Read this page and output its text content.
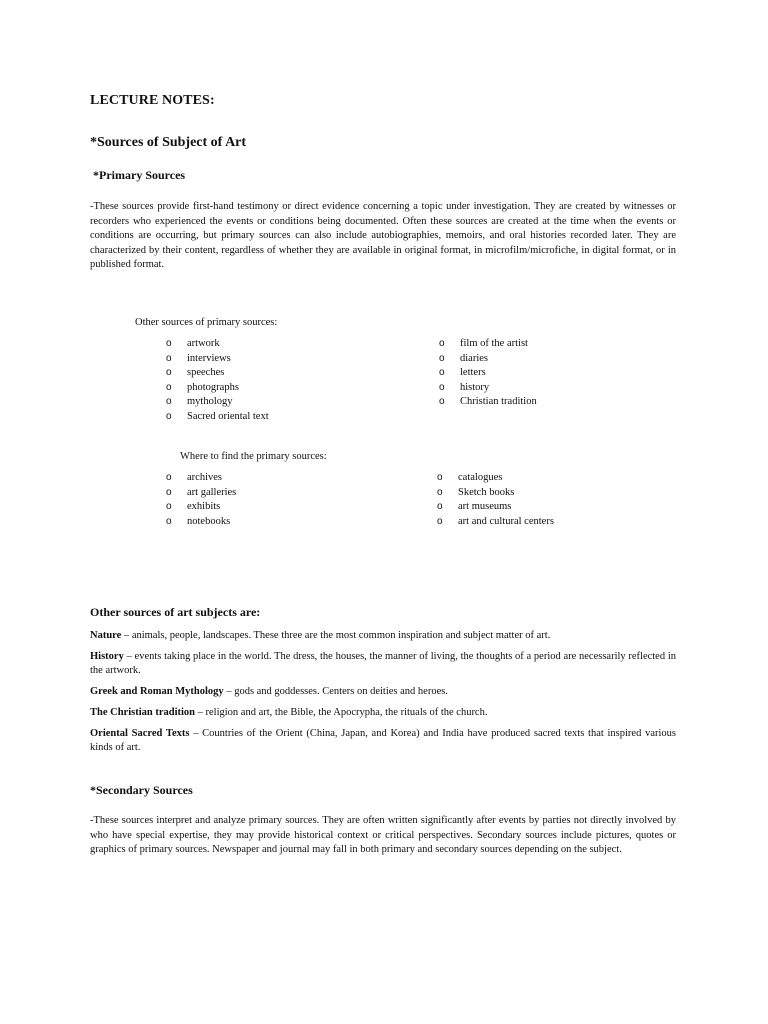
LECTURE NOTES:
*Sources of Subject of Art
*Primary Sources
-These sources provide first-hand testimony or direct evidence concerning a topic under investigation. They are created by witnesses or recorders who experienced the events or conditions being documented. Often these sources are created at the time when the events or conditions are occurring, but primary sources can also include autobiographies, memoirs, and oral histories recorded later. They are characterized by their content, regardless of whether they are available in original format, in microfilm/microfiche, in digital format, or in published format.
Other sources of primary sources:
o artwork
o interviews
o speeches
o photographs
o mythology
o Sacred oriental text
o film of the artist
o diaries
o letters
o history
o Christian tradition
Where to find the primary sources:
o archives
o art galleries
o exhibits
o notebooks
o catalogues
o Sketch books
o art museums
o art and cultural centers
Other sources of art subjects are:
Nature – animals, people, landscapes. These three are the most common inspiration and subject matter of art.
History – events taking place in the world. The dress, the houses, the manner of living, the thoughts of a period are necessarily reflected in the artwork.
Greek and Roman Mythology – gods and goddesses. Centers on deities and heroes.
The Christian tradition – religion and art, the Bible, the Apocrypha, the rituals of the church.
Oriental Sacred Texts – Countries of the Orient (China, Japan, and Korea) and India have produced sacred texts that inspired various kinds of art.
*Secondary Sources
-These sources interpret and analyze primary sources. They are often written significantly after events by parties not directly involved by who have special expertise, they may provide historical context or critical perspectives. Secondary sources include pictures, quotes or graphics of primary sources. Newspaper and journal may fall in both primary and secondary sources depending on the subject.
